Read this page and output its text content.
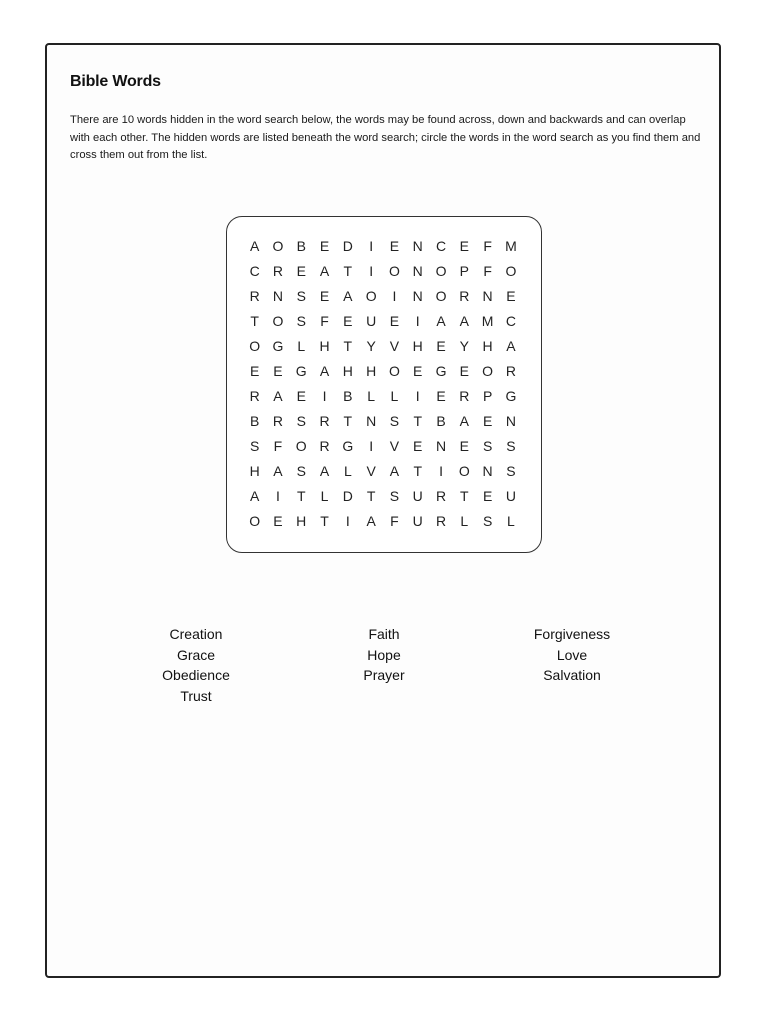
Bible Words

There are 10 words hidden in the word search below, the words may be found across, down and backwards and can overlap with each other. The hidden words are listed beneath the word search; circle the words in the word search as you find them and cross them out from the list.

A O B E D	I	E N C E	F M
C R E A	T	I	O N O P	F O
R N S E A O	I	N O R N E
T O S	F	E U E	I	A A M C
O G L	H T	Y V H E Y H A
E E G A H H O E G E O R
R A E	I	B	L	L	I	E R P G
B R S R T N S	T	B A E N
S	F O R G	I	V E N E S S
H A S A	L	V A	T	I	O N S
A	I	T	L	D T	S U R T	E U
O E H T	I	A	F U R	L	S	L
Creation	Faith	Forgiveness
Grace	Hope	Love
Obedience	Prayer	Salvation
Trust
